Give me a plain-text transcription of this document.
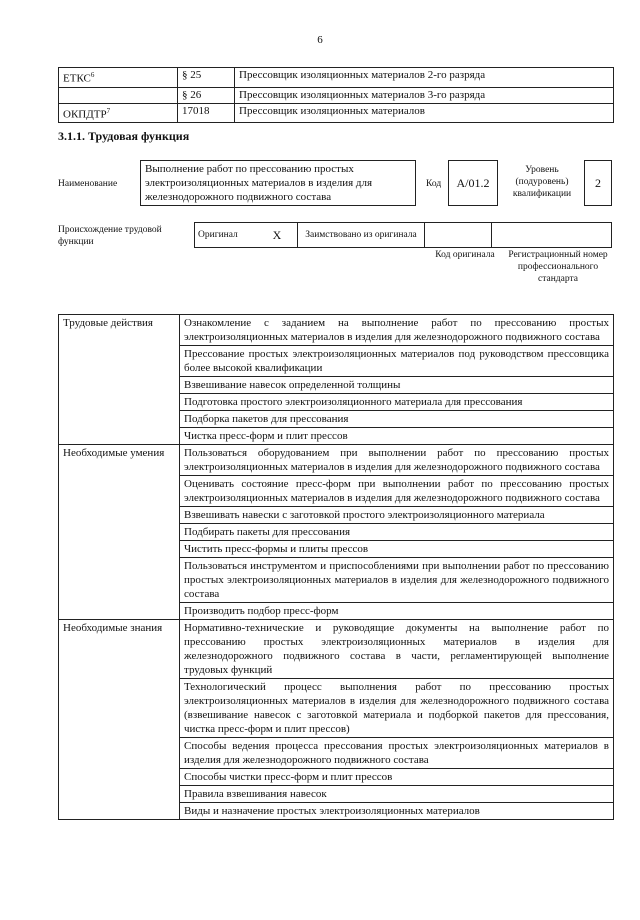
6
ЕТКС$^6$	§ 25	Прессовщик изоляционных материалов 2-го разряда
	§ 26	Прессовщик изоляционных материалов 3-го разряда
ОКПДТР$^7$	17018	Прессовщик изоляционных материалов
3.1.1. Трудовая функция
Наименование
Выполнение работ по прессованию простых электроизоляционных материалов в изделия для железнодорожного подвижного состава
Код	A/01.2
Уровень (подуровень) квалификации
2
Происхождение трудовой функции
Оригинал	X	Заимствовано из оригинала		
Код оригинала	Регистрационный номер профессионального стандарта
Трудовые действия	Ознакомление с заданием на выполнение работ по прессованию простых электроизоляционных материалов в изделия для железнодорожного подвижного состава
	Прессование простых электроизоляционных материалов под руководством прессовщика более высокой квалификации
	Взвешивание навесок определенной толщины
	Подготовка простого электроизоляционного материала для прессования
	Подборка пакетов для прессования
	Чистка пресс-форм и плит прессов
Необходимые умения	Пользоваться оборудованием при выполнении работ по прессованию простых электроизоляционных материалов в изделия для железнодорожного подвижного состава
	Оценивать состояние пресс-форм при выполнении работ по прессованию простых электроизоляционных материалов в изделия для железнодорожного подвижного состава
	Взвешивать навески с заготовкой простого электроизоляционного материала
	Подбирать пакеты для прессования
	Чистить пресс-формы и плиты прессов
	Пользоваться инструментом и приспособлениями при выполнении работ по прессованию простых электроизоляционных материалов в изделия для железнодорожного подвижного состава
	Производить подбор пресс-форм
Необходимые знания	Нормативно-технические и руководящие документы на выполнение работ по прессованию простых электроизоляционных материалов в изделия для железнодорожного подвижного состава в части, регламентирующей выполнение трудовых функций
	Технологический процесс выполнения работ по прессованию простых электроизоляционных материалов в изделия для железнодорожного подвижного состава (взвешивание навесок с заготовкой материала и подборкой пакетов для прессования, чистка пресс-форм и плит прессов)
	Способы ведения процесса прессования простых электроизоляционных материалов в изделия для железнодорожного подвижного состава
	Способы чистки пресс-форм и плит прессов
	Правила взвешивания навесок
	Виды и назначение простых электроизоляционных материалов
